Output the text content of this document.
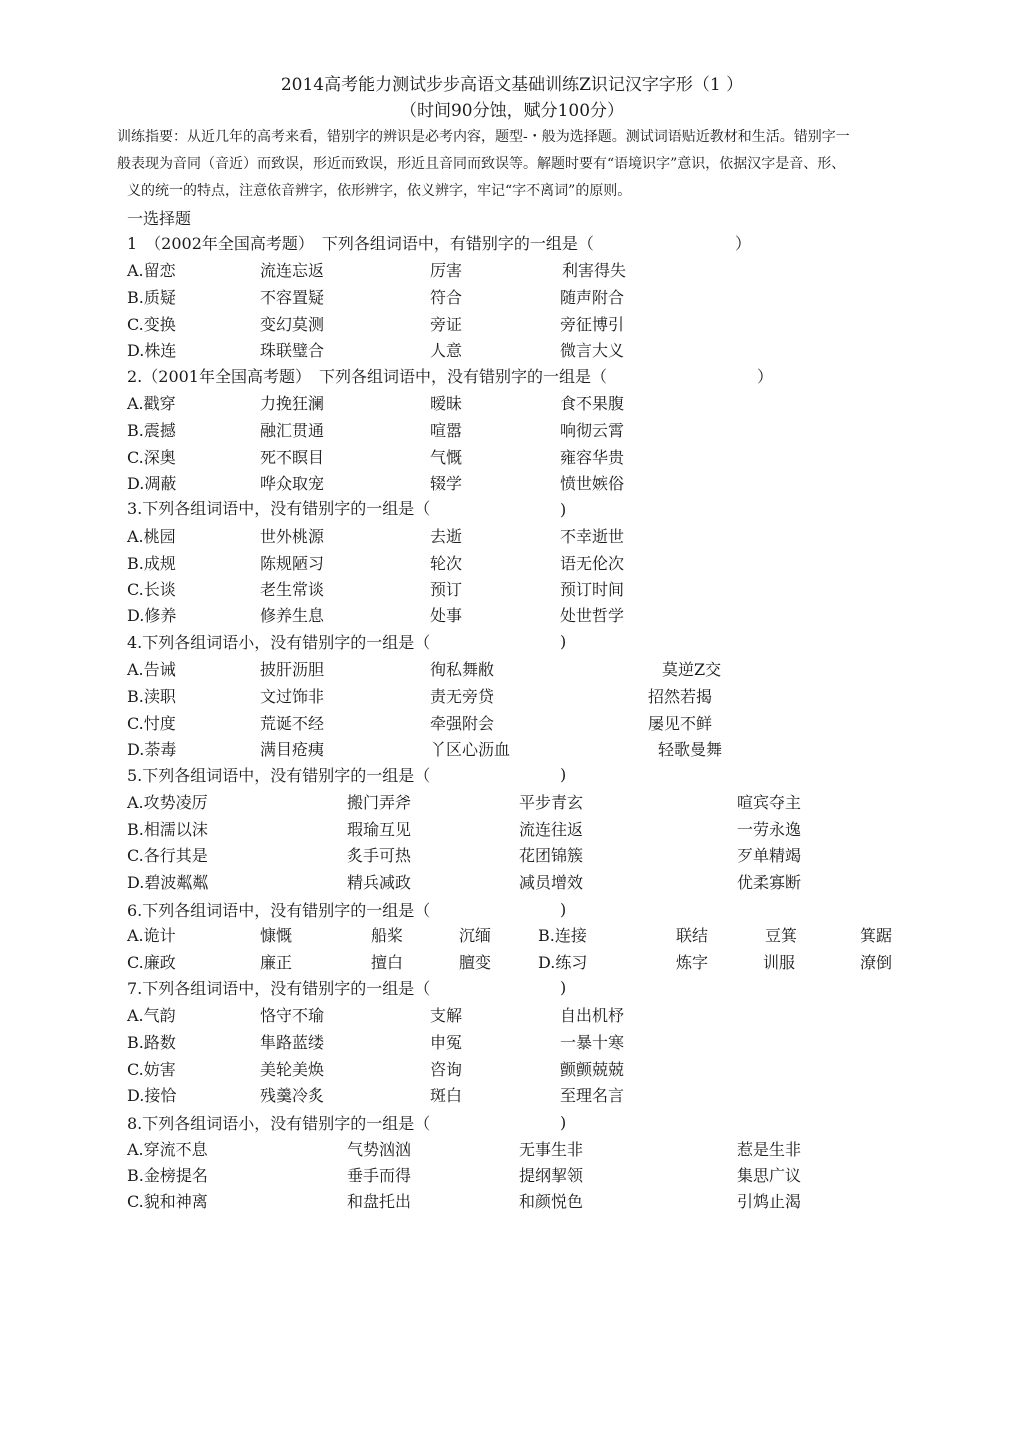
2014高考能力测试步步高语文基础训练Z识记汉字字形（1 ）
（时间90分蚀，赋分100分）
训练指要：从近几年的高考来看，错别字的辨识是必考内容，题型-・般为选择题。测试词语贴近教材和生活。错别字一
般表现为音同（音近）而致误，形近而致误，形近且音同而致误等。解题时要有“语境识字”意识，依据汉字是音、形、
义的统一的特点，注意依音辨字，依形辨字，依义辨字，牢记“字不离词”的原则。
一选择题
1　（2002年全国高考题）　下列各组词语中，有错别字的一组是（	）
A.留恋	流连忘返	厉害	利害得失
B.质疑	不容置疑	符合	随声附合
C.变换	变幻莫测	旁证	旁征博引
D.株连	珠联璧合	人意	微言大义
2.（2001年全国高考题）　下列各组词语中，没有错别字的一组是（	）
A.戳穿	力挽狂澜	暧昧	食不果腹
B.震撼	融汇贯通	喧嚣	响彻云霄
C.深奥	死不瞑目	气慨	雍容华贵
D.凋蔽	哗众取宠	辍学	愤世嫉俗
3.下列各组词语中，没有错别字的一组是（	)
A.桃园	世外桃源	去逝	不幸逝世
B.成规	陈规陋习	轮次	语无伦次
C.长谈	老生常谈	预订	预订时间
D.修养	修养生息	处事	处世哲学
4.下列各组词语小，没有错别字的一组是（	)
A.告诫	披肝沥胆	徇私舞敝	莫逆Z交
B.渎职	文过饰非	责无旁贷	招然若揭
C.忖度	荒诞不经	牵强附会	屡见不鲜
D.荼毒	满目疮痍	丫区心沥血	轻歌曼舞
5.下列各组词语中，没有错别字的一组是（	)
A.攻势凌厉	搬门弄斧	平步青玄	喧宾夺主
B.相濡以沫	瑕瑜互见	流连往返	一劳永逸
C.各行其是	炙手可热	花团锦簇	歹单精竭
D.碧波粼粼	精兵减政	减员增效	优柔寡断
6.下列各组词语中，没有错别字的一组是（	)
A.诡计	慷慨	船桨	沉缅	B.连接	联结	豆箕	箕踞
C.廉政	廉正	擅白	膻变	D.练习	炼字	训服	潦倒
7.下列各组词语中，没有错别字的一组是（	)
A.气韵	恪守不瑜	支解	自出机杼
B.路数	隼路蓝缕	申冤	一暴十寒
C.妨害	美轮美焕	咨询	颤颤兢兢
D.接恰	残羹冷炙	斑白	至理名言
8.下列各组词语小，没有错别字的一组是（	)
A.穿流不息	气势汹汹	无事生非	惹是生非
B.金榜提名	垂手而得	提纲挈领	集思广议
C.貌和神离	和盘托出	和颜悦色	引鸩止渴
